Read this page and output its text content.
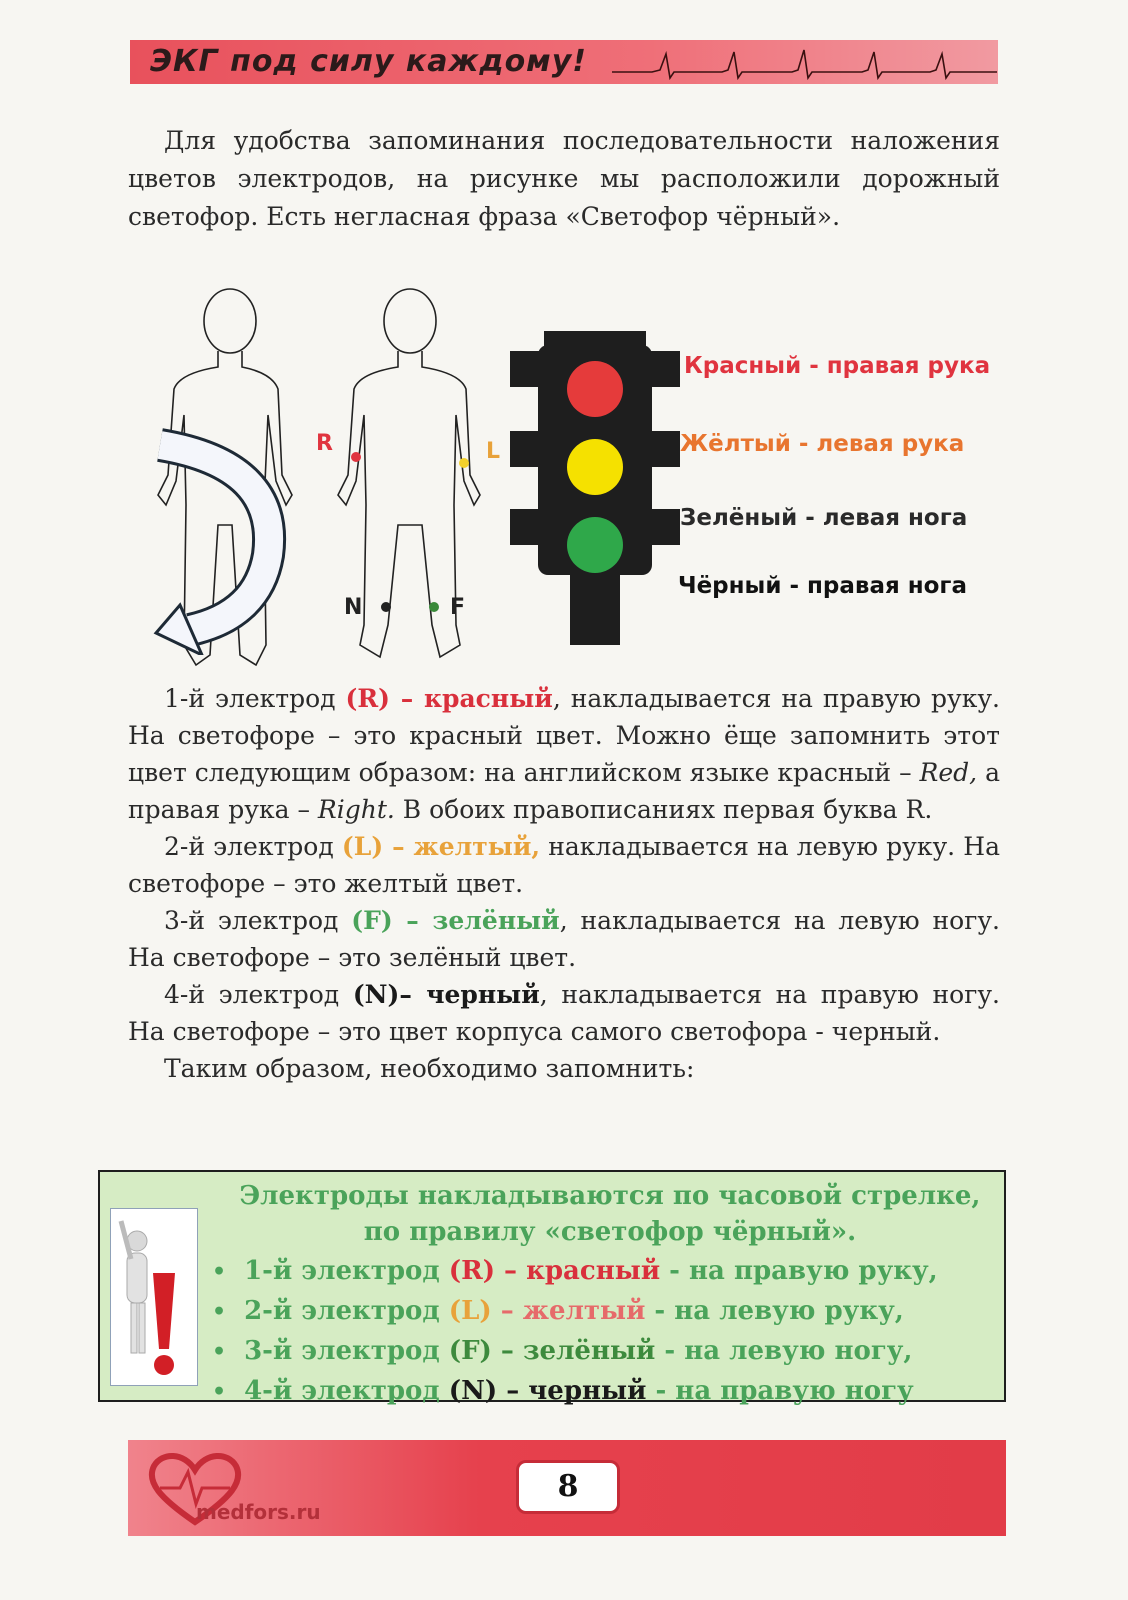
ЭКГ под силу каждому!
Для удобства запоминания последовательности наложения цветов электродов, на рисунке мы расположили дорожный светофор. Есть негласная фраза «Светофор чёрный».
R	L
N	F
Красный - правая рука
Жёлтый - левая рука
Зелёный - левая нога
Чёрный - правая нога

1-й электрод (R) – красный, накладывается на правую руку. На светофоре – это красный цвет. Можно ёще запомнить этот цвет следующим образом: на английском языке красный – Red, а правая рука – Right. В обоих правописаниях первая буква R.

2-й электрод (L) – желтый, накладывается на левую руку. На светофоре – это желтый цвет.

3-й электрод (F) – зелёный, накладывается на левую ногу. На светофоре – это зелёный цвет.

4-й электрод (N)– черный, накладывается на правую ногу. На светофоре – это цвет корпуса самого светофора - черный.

Таким образом, необходимо запомнить:

Электроды накладываются по часовой стрелке,
по правилу «светофор чёрный».
• 1-й электрод (R) – красный - на правую руку,
• 2-й электрод (L) – желтый - на левую руку,
• 3-й электрод (F) – зелёный - на левую ногу,
• 4-й электрод (N) – черный - на правую ногу
medfors.ru
8
